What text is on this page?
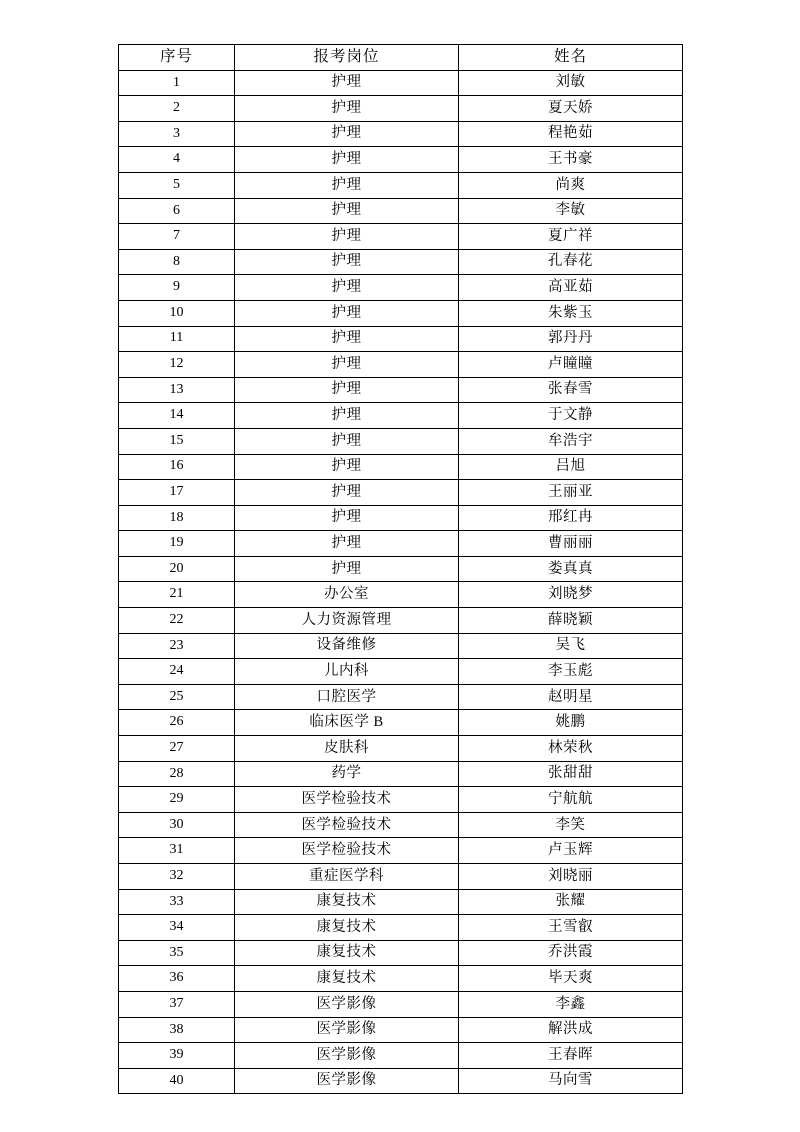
序号	报考岗位	姓名
1	护理	刘敏
2	护理	夏天娇
3	护理	程艳茹
4	护理	王书豪
5	护理	尚爽
6	护理	李敏
7	护理	夏广祥
8	护理	孔春花
9	护理	高亚茹
10	护理	朱紫玉
11	护理	郭丹丹
12	护理	卢瞳瞳
13	护理	张春雪
14	护理	于文静
15	护理	牟浩宇
16	护理	吕旭
17	护理	王丽亚
18	护理	邢红冉
19	护理	曹丽丽
20	护理	娄真真
21	办公室	刘晓梦
22	人力资源管理	薛晓颖
23	设备维修	吴飞
24	儿内科	李玉彪
25	口腔医学	赵明星
26	临床医学 B	姚鹏
27	皮肤科	林荣秋
28	药学	张甜甜
29	医学检验技术	宁航航
30	医学检验技术	李笑
31	医学检验技术	卢玉辉
32	重症医学科	刘晓丽
33	康复技术	张耀
34	康复技术	王雪叡
35	康复技术	乔洪霞
36	康复技术	毕天爽
37	医学影像	李鑫
38	医学影像	解洪成
39	医学影像	王春晖
40	医学影像	马向雪
